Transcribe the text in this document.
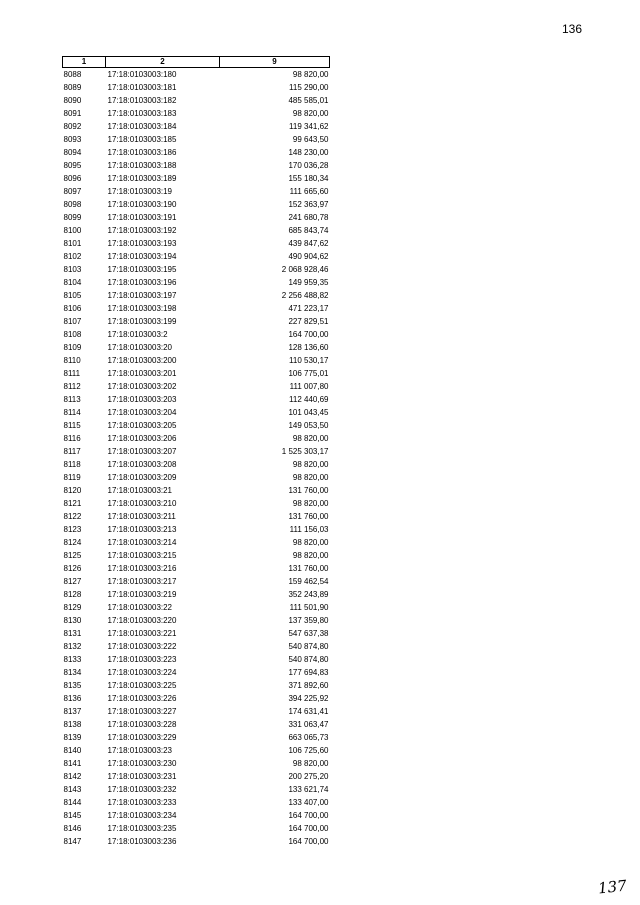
136
1	2	9
8088	17:18:0103003:180	98 820,00
8089	17:18:0103003:181	115 290,00
8090	17:18:0103003:182	485 585,01
8091	17:18:0103003:183	98 820,00
8092	17:18:0103003:184	119 341,62
8093	17:18:0103003:185	99 643,50
8094	17:18:0103003:186	148 230,00
8095	17:18:0103003:188	170 036,28
8096	17:18:0103003:189	155 180,34
8097	17:18:0103003:19	111 665,60
8098	17:18:0103003:190	152 363,97
8099	17:18:0103003:191	241 680,78
8100	17:18:0103003:192	685 843,74
8101	17:18:0103003:193	439 847,62
8102	17:18:0103003:194	490 904,62
8103	17:18:0103003:195	2 068 928,46
8104	17:18:0103003:196	149 959,35
8105	17:18:0103003:197	2 256 488,82
8106	17:18:0103003:198	471 223,17
8107	17:18:0103003:199	227 829,51
8108	17:18:0103003:2	164 700,00
8109	17:18:0103003:20	128 136,60
8110	17:18:0103003:200	110 530,17
8111	17:18:0103003:201	106 775,01
8112	17:18:0103003:202	111 007,80
8113	17:18:0103003:203	112 440,69
8114	17:18:0103003:204	101 043,45
8115	17:18:0103003:205	149 053,50
8116	17:18:0103003:206	98 820,00
8117	17:18:0103003:207	1 525 303,17
8118	17:18:0103003:208	98 820,00
8119	17:18:0103003:209	98 820,00
8120	17:18:0103003:21	131 760,00
8121	17:18:0103003:210	98 820,00
8122	17:18:0103003:211	131 760,00
8123	17:18:0103003:213	111 156,03
8124	17:18:0103003:214	98 820,00
8125	17:18:0103003:215	98 820,00
8126	17:18:0103003:216	131 760,00
8127	17:18:0103003:217	159 462,54
8128	17:18:0103003:219	352 243,89
8129	17:18:0103003:22	111 501,90
8130	17:18:0103003:220	137 359,80
8131	17:18:0103003:221	547 637,38
8132	17:18:0103003:222	540 874,80
8133	17:18:0103003:223	540 874,80
8134	17:18:0103003:224	177 694,83
8135	17:18:0103003:225	371 892,60
8136	17:18:0103003:226	394 225,92
8137	17:18:0103003:227	174 631,41
8138	17:18:0103003:228	331 063,47
8139	17:18:0103003:229	663 065,73
8140	17:18:0103003:23	106 725,60
8141	17:18:0103003:230	98 820,00
8142	17:18:0103003:231	200 275,20
8143	17:18:0103003:232	133 621,74
8144	17:18:0103003:233	133 407,00
8145	17:18:0103003:234	164 700,00
8146	17:18:0103003:235	164 700,00
8147	17:18:0103003:236	164 700,00
137
